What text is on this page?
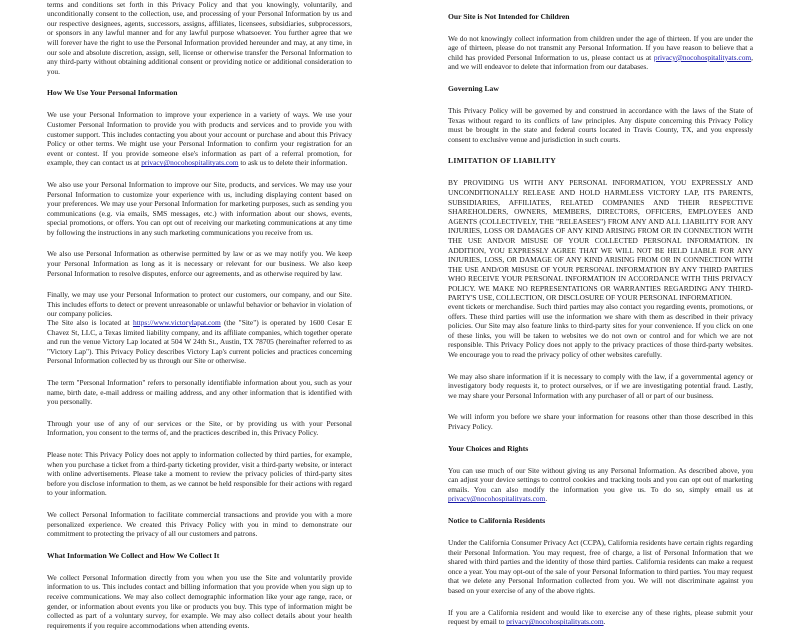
terms and conditions set forth in this Privacy Policy and that you knowingly, voluntarily, and unconditionally consent to the collection, use, and processing of your Personal Information by us and our respective designees, agents, successors, assigns, affiliates, licensees, subsidiaries, subprocessors, or sponsors in any lawful manner and for any lawful purpose whatsoever. You further agree that we will forever have the right to use the Personal Information provided hereunder and may, at any time, in our sole and absolute discretion, assign, sell, license or otherwise transfer the Personal Information to any third-party without obtaining additional consent or providing notice or additional consideration to you.

How We Use Your Personal Information

We use your Personal Information to improve your experience in a variety of ways. We use your Customer Personal Information to provide you with products and services and to provide you with customer support. This includes contacting you about your account or purchase and about this Privacy Policy or other terms. We might use your Personal Information to confirm your registration for an event or contest. If you provide someone else's information as part of a referral promotion, for example, they can contact us at privacy@nocohospitalityats.com to ask us to delete their information.

We also use your Personal Information to improve our Site, products, and services. We may use your Personal Information to customize your experience with us, including displaying content based on your preferences. We may use your Personal Information for marketing purposes, such as sending you communications (e.g. via emails, SMS messages, etc.) with information about our shows, events, special promotions, or offers. You can opt out of receiving our marketing communications at any time by following the instructions in any such marketing communications you receive from us.

We also use Personal Information as otherwise permitted by law or as we may notify you. We keep your Personal Information as long as it is necessary or relevant for our business. We also keep Personal Information to resolve disputes, enforce our agreements, and as otherwise required by law.

Finally, we may use your Personal Information to protect our customers, our company, and our Site. This includes efforts to detect or prevent unreasonable or unlawful behavior or behavior in violation of our company policies.

The Site also is located at https://www.victorylapat.com (the "Site") is operated by 1600 Cesar E Chavez St, LLC, a Texas limited liability company, and its affiliate companies, which together operate and run the venue Victory Lap located at 504 W 24th St., Austin, TX 78705 (hereinafter referred to as "Victory Lap"). This Privacy Policy describes Victory Lap's current policies and practices concerning Personal Information collected by us through our Site or otherwise.

The term "Personal Information" refers to personally identifiable information about you, such as your name, birth date, e-mail address or mailing address, and any other information that is identified with you personally.

Through your use of any of our services or the Site, or by providing us with your Personal Information, you consent to the terms of, and the practices described in, this Privacy Policy.

Please note: This Privacy Policy does not apply to information collected by third parties, for example, when you purchase a ticket from a third-party ticketing provider, visit a third-party website, or interact with online advertisements. Please take a moment to review the privacy policies of third-party sites before you disclose information to them, as we cannot be held responsible for their actions with regard to your information.

We collect Personal Information to facilitate commercial transactions and provide you with a more personalized experience. We created this Privacy Policy with you in mind to demonstrate our commitment to protecting the privacy of all our customers and patrons.

What Information We Collect and How We Collect It

We collect Personal Information directly from you when you use the Site and voluntarily provide information to us. This includes contact and billing information that you provide when you sign up to receive communications. We may also collect demographic information like your age range, race, or gender, or information about events you like or products you buy. This type of information might be collected as part of a voluntary survey, for example. We may also collect details about your health requirements if you require accommodations when attending events.

Our Site is Not Intended for Children

We do not knowingly collect information from children under the age of thirteen. If you are under the age of thirteen, please do not transmit any Personal Information. If you have reason to believe that a child has provided Personal Information to us, please contact us at privacy@nocohospitalityats.com, and we will endeavor to delete that information from our databases.

Governing Law

This Privacy Policy will be governed by and construed in accordance with the laws of the State of Texas without regard to its conflicts of law principles. Any dispute concerning this Privacy Policy must be brought in the state and federal courts located in Travis County, TX, and you expressly consent to exclusive venue and jurisdiction in such courts.

LIMITATION OF LIABILITY

BY PROVIDING US WITH ANY PERSONAL INFORMATION, YOU EXPRESSLY AND UNCONDITIONALLY RELEASE AND HOLD HARMLESS VICTORY LAP, ITS PARENTS, SUBSIDIARIES, AFFILIATES, RELATED COMPANIES AND THEIR RESPECTIVE SHAREHOLDERS, OWNERS, MEMBERS, DIRECTORS, OFFICERS, EMPLOYEES AND AGENTS (COLLECTIVELY, THE "RELEASEES") FROM ANY AND ALL LIABILITY FOR ANY INJURIES, LOSS OR DAMAGES OF ANY KIND ARISING FROM OR IN CONNECTION WITH THE USE AND/OR MISUSE OF YOUR COLLECTED PERSONAL INFORMATION. IN ADDITION, YOU EXPRESSLY AGREE THAT WE WILL NOT BE HELD LIABLE FOR ANY INJURIES, LOSS, OR DAMAGE OF ANY KIND ARISING FROM OR IN CONNECTION WITH THE USE AND/OR MISUSE OF YOUR PERSONAL INFORMATION BY ANY THIRD PARTIES WHO RECEIVE YOUR PERSONAL INFORMATION IN ACCORDANCE WITH THIS PRIVACY POLICY. WE MAKE NO REPRESENTATIONS OR WARRANTIES REGARDING ANY THIRD-PARTY'S USE, COLLECTION, OR DISCLOSURE OF YOUR PERSONAL INFORMATION.

event tickets or merchandise. Such third parties may also contact you regarding events, promotions, or offers. These third parties will use the information we share with them as described in their privacy policies. Our Site may also feature links to third-party sites for your convenience. If you click on one of these links, you will be taken to websites we do not own or control and for which we are not responsible. This Privacy Policy does not apply to the privacy practices of those third-party websites. We encourage you to read the privacy policy of other websites carefully.

We may also share information if it is necessary to comply with the law, if a governmental agency or investigatory body requests it, to protect ourselves, or if we are investigating potential fraud. Lastly, we may share your Personal Information with any purchaser of all or part of our business.

We will inform you before we share your information for reasons other than those described in this Privacy Policy.

Your Choices and Rights

You can use much of our Site without giving us any Personal Information. As described above, you can adjust your device settings to control cookies and tracking tools and you can opt out of marketing emails. You can also modify the information you give us. To do so, simply email us at privacy@nocohospitalityats.com.

Notice to California Residents

Under the California Consumer Privacy Act (CCPA), California residents have certain rights regarding their Personal Information. You may request, free of charge, a list of Personal Information that we shared with third parties and the identity of those third parties. California residents can make a request once a year. You may opt-out of the sale of your Personal Information to third parties. You may request that we delete any Personal Information collected from you. We will not discriminate against you based on your exercise of any of the above rights.

If you are a California resident and would like to exercise any of these rights, please submit your request by email to privacy@nocohospitalityats.com.
